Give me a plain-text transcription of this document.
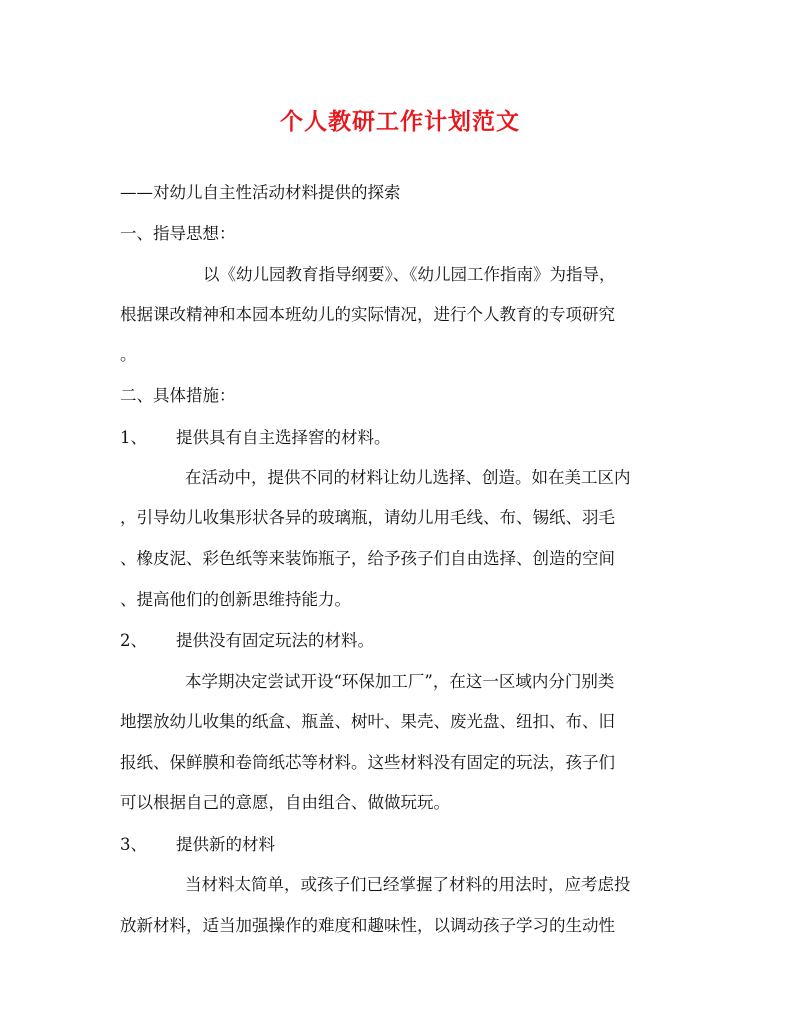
个人教研工作计划范文
——对幼儿自主性活动材料提供的探索
一、指导思想：
以《幼儿园教育指导纲要》、《幼儿园工作指南》为指导，
根据课改精神和本园本班幼儿的实际情况，进行个人教育的专项研究
。
二、具体措施：
1、 提供具有自主选择窖的材料。
在活动中，提供不同的材料让幼儿选择、创造。如在美工区内
，引导幼儿收集形状各异的玻璃瓶，请幼儿用毛线、布、锡纸、羽毛
、橡皮泥、彩色纸等来装饰瓶子，给予孩子们自由选择、创造的空间
、提高他们的创新思维持能力。
2、 提供没有固定玩法的材料。
本学期决定尝试开设“环保加工厂”，在这一区域内分门别类
地摆放幼儿收集的纸盒、瓶盖、树叶、果壳、废光盘、纽扣、布、旧
报纸、保鲜膜和卷筒纸芯等材料。这些材料没有固定的玩法，孩子们
可以根据自己的意愿，自由组合、做做玩玩。
3、 提供新的材料
当材料太简单，或孩子们已经掌握了材料的用法时，应考虑投
放新材料，适当加强操作的难度和趣味性，以调动孩子学习的生动性
